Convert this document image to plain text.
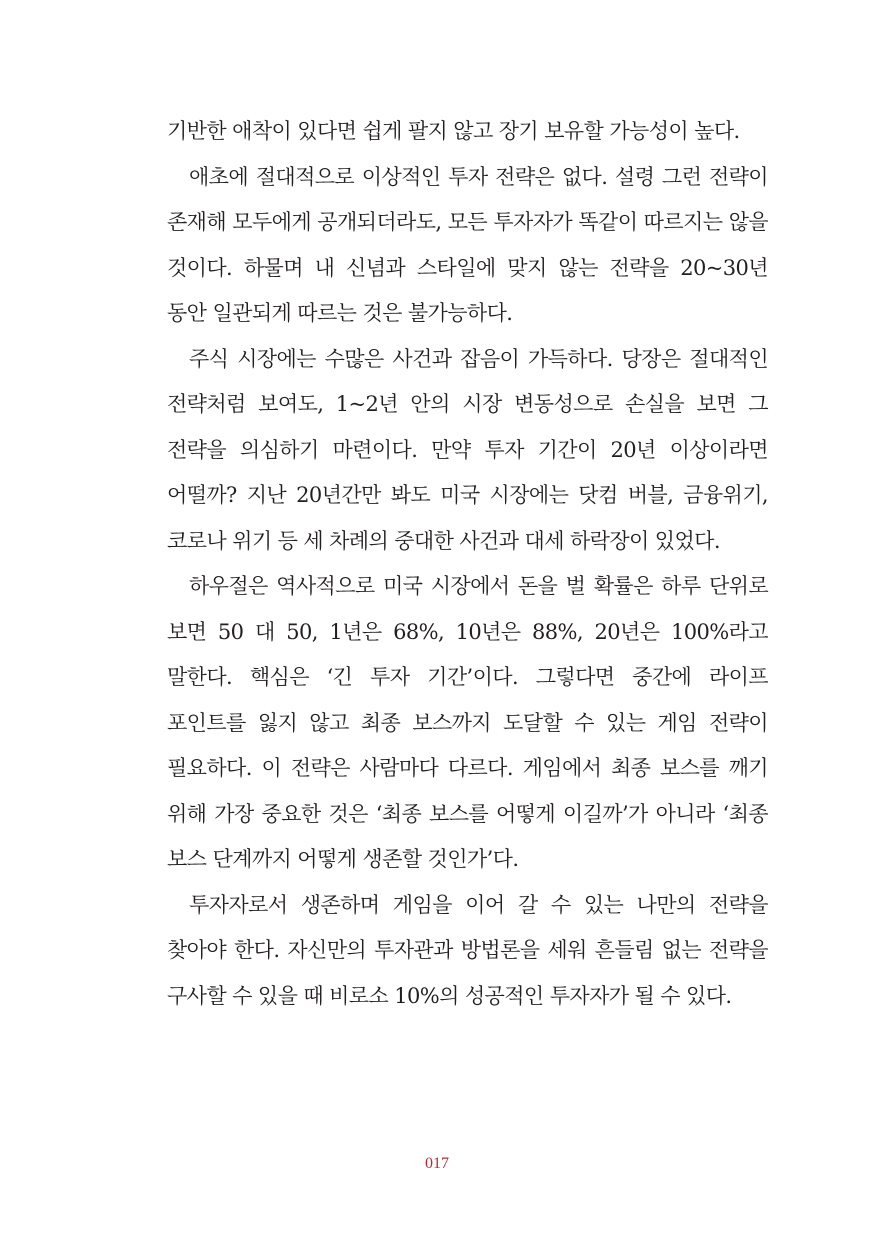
기반한 애착이 있다면 쉽게 팔지 않고 장기 보유할 가능성이 높다.

애초에 절대적으로 이상적인 투자 전략은 없다. 설령 그런 전략이 존재해 모두에게 공개되더라도, 모든 투자자가 똑같이 따르지는 않을 것이다. 하물며 내 신념과 스타일에 맞지 않는 전략을 20~30년 동안 일관되게 따르는 것은 불가능하다.

주식 시장에는 수많은 사건과 잡음이 가득하다. 당장은 절대적인 전략처럼 보여도, 1~2년 안의 시장 변동성으로 손실을 보면 그 전략을 의심하기 마련이다. 만약 투자 기간이 20년 이상이라면 어떨까? 지난 20년간만 봐도 미국 시장에는 닷컴 버블, 금융위기, 코로나 위기 등 세 차례의 중대한 사건과 대세 하락장이 있었다.

하우절은 역사적으로 미국 시장에서 돈을 벌 확률은 하루 단위로 보면 50 대 50, 1년은 68%, 10년은 88%, 20년은 100%라고 말한다. 핵심은 ‘긴 투자 기간’이다. 그렇다면 중간에 라이프 포인트를 잃지 않고 최종 보스까지 도달할 수 있는 게임 전략이 필요하다. 이 전략은 사람마다 다르다. 게임에서 최종 보스를 깨기 위해 가장 중요한 것은 ‘최종 보스를 어떻게 이길까’가 아니라 ‘최종 보스 단계까지 어떻게 생존할 것인가’다.

투자자로서 생존하며 게임을 이어 갈 수 있는 나만의 전략을 찾아야 한다. 자신만의 투자관과 방법론을 세워 흔들림 없는 전략을 구사할 수 있을 때 비로소 10%의 성공적인 투자자가 될 수 있다.

017
